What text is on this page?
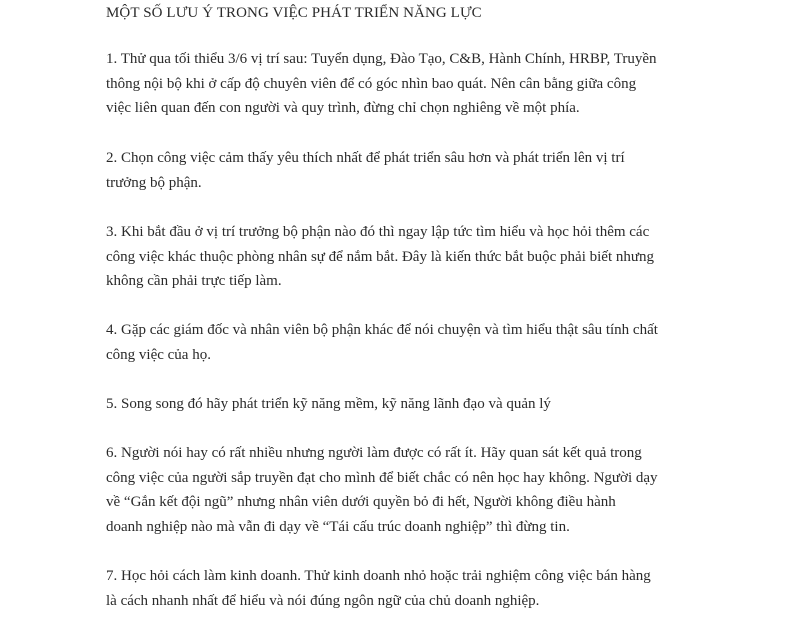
MỘT SỐ LƯU Ý TRONG VIỆC PHÁT TRIỂN NĂNG LỰC
1. Thử qua tối thiểu 3/6 vị trí sau: Tuyển dụng, Đào Tạo, C&B, Hành Chính, HRBP, Truyền
thông nội bộ khi ở cấp độ chuyên viên để có góc nhìn bao quát. Nên cân bằng giữa công
việc liên quan đến con người và quy trình, đừng chỉ chọn nghiêng về một phía.
2. Chọn công việc cảm thấy yêu thích nhất để phát triển sâu hơn và phát triển lên vị trí
trưởng bộ phận.
3. Khi bắt đầu ở vị trí trưởng bộ phận nào đó thì ngay lập tức tìm hiểu và học hỏi thêm các
công việc khác thuộc phòng nhân sự để nắm bắt. Đây là kiến thức bắt buộc phải biết nhưng
không cần phải trực tiếp làm.
4. Gặp các giám đốc và nhân viên bộ phận khác để nói chuyện và tìm hiểu thật sâu tính chất
công việc của họ.
5. Song song đó hãy phát triển kỹ năng mềm, kỹ năng lãnh đạo và quản lý
6. Người nói hay có rất nhiều nhưng người làm được có rất ít. Hãy quan sát kết quả trong
công việc của người sắp truyền đạt cho mình để biết chắc có nên học hay không. Người dạy
về “Gắn kết đội ngũ” nhưng nhân viên dưới quyền bỏ đi hết, Người không điều hành
doanh nghiệp nào mà vẫn đi dạy về “Tái cấu trúc doanh nghiệp” thì đừng tin.
7. Học hỏi cách làm kinh doanh. Thử kinh doanh nhỏ hoặc trải nghiệm công việc bán hàng
là cách nhanh nhất để hiểu và nói đúng ngôn ngữ của chủ doanh nghiệp.
